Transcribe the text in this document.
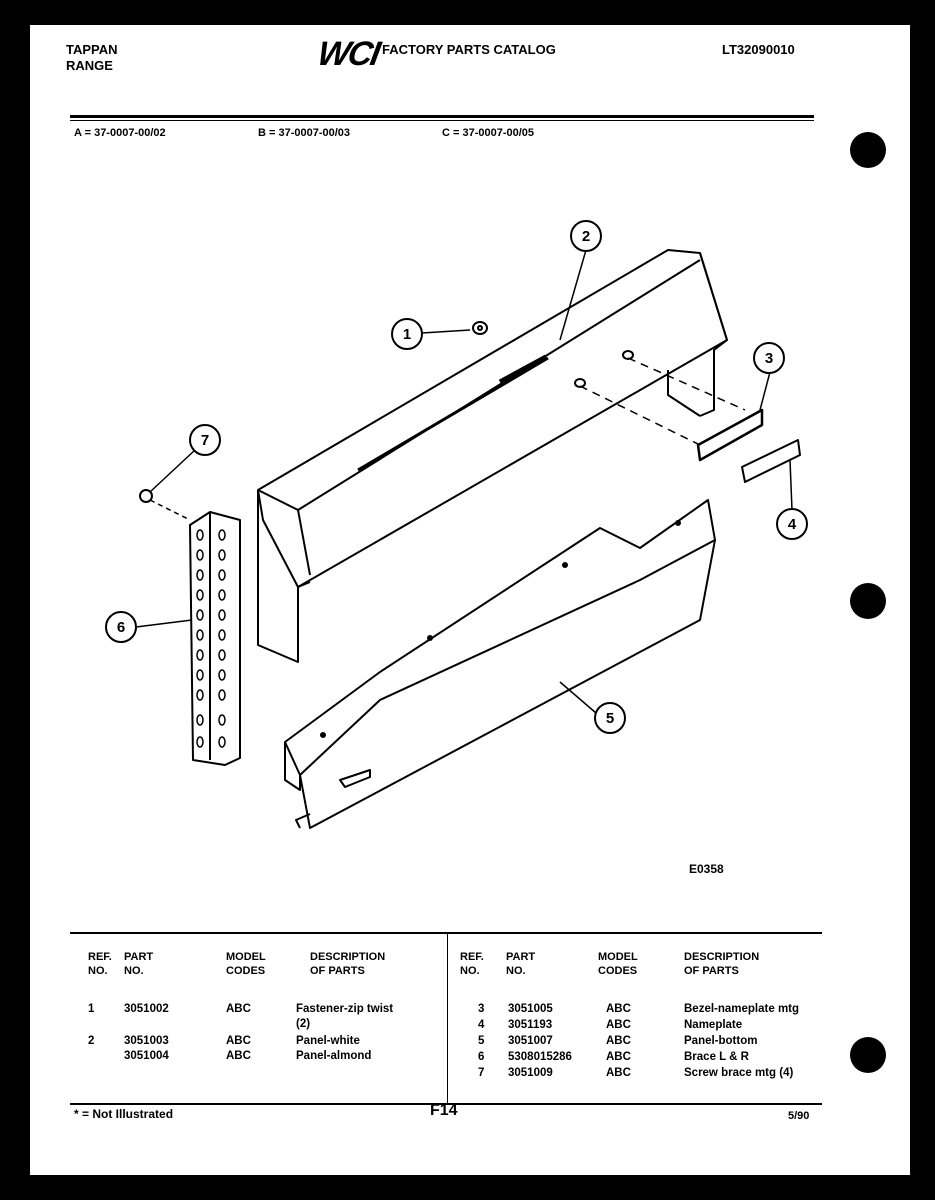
TAPPAN
RANGE	WCI FACTORY PARTS CATALOG	LT32090010
A = 37-0007-00/02	B = 37-0007-00/03	C = 37-0007-00/05
1
2
3
4
5
6
7
E0358
REF.
NO.
PART
NO.
MODEL
CODES
DESCRIPTION
OF PARTS
REF.
NO.
PART
NO.
MODEL
CODES
DESCRIPTION
OF PARTS
1	3051002	ABC	Fastener-zip twist
(2)
2	3051003	ABC	Panel-white
3051004	ABC	Panel-almond
3 3051005	ABC	Bezel-nameplate mtg
4 3051193	ABC	Nameplate
5 3051007	ABC	Panel-bottom
6 5308015286	ABC	Brace L & R
7 3051009	ABC	Screw brace mtg (4)
* = Not Illustrated	F14	5/90
